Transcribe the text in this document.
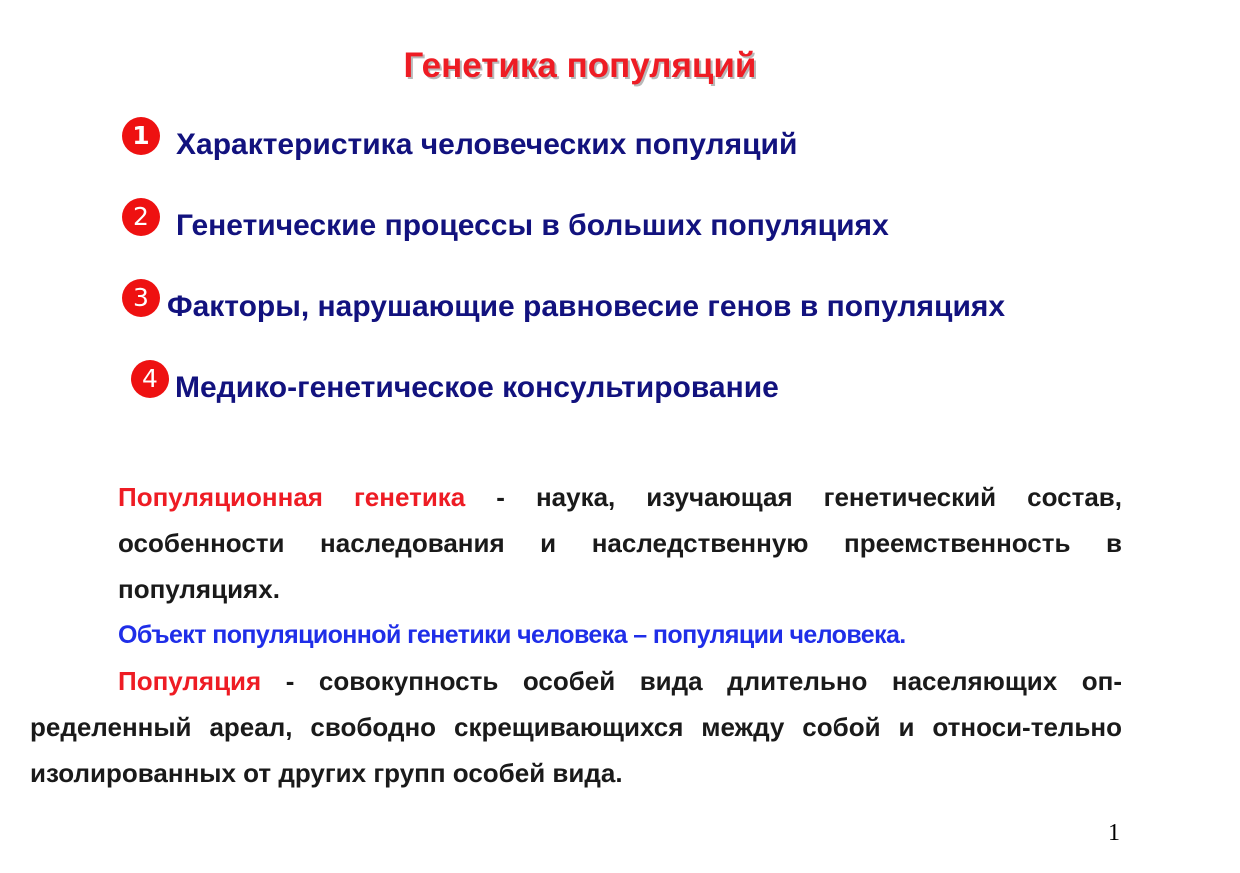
Генетика популяций
1 Характеристика человеческих популяций
2 Генетические процессы в больших популяциях
3 Факторы, нарушающие равновесие генов в популяциях
4 Медико-генетическое консультирование

Популяционная генетика - наука, изучающая генетический состав, особенности наследования и наследственную преемственность в популяциях.

Объект популяционной генетики человека – популяции человека.

Популяция - совокупность особей вида длительно населяющих оп-ределенный ареал, свободно скрещивающихся между собой и относи-тельно изолированных от других групп особей вида.

1
